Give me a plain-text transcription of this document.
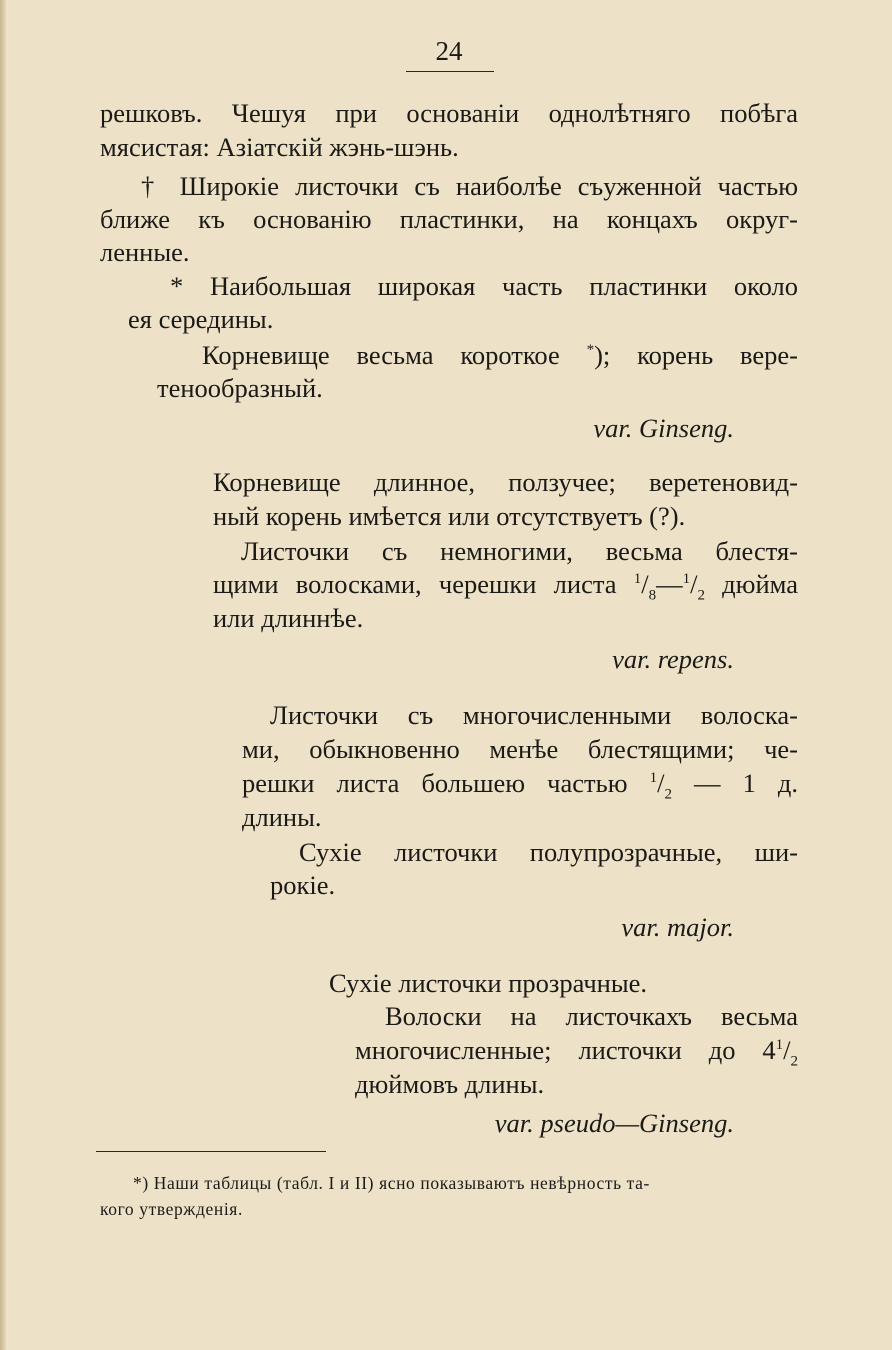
24

решковъ. Чешуя при основанiи однолѣтняго побѣга

мясистая: Азiатскiй жэнь-шэнь.

† Широкiе листочки съ наиболѣе съуженной частью

ближе къ основанiю пластинки, на концахъ округ-

ленные.

* Наибольшая широкая часть пластинки около

ея середины.

Корневище весьма короткое *); корень вере-

тенообразный.

var. Ginseng.

Корневище длинное, ползучее; веретеновид-

ный корень имѣется или отсутствуетъ (?).

Листочки съ немногими, весьма блестя-

щими волосками, черешки листа $^1/_8—^1/_2$ дюйма

или длиннѣе.

var. repens.

Листочки съ многочисленными волоска-

ми, обыкновенно менѣе блестящими; че-

решки листа большею частью $^1/_2$ — 1 д.

длины.

Сухiе листочки полупрозрачные, ши-

рокiе.

var. major.

Сухiе листочки прозрачные.

Волоски на листочкахъ весьма

многочисленные; листочки до $4^1/_2$

дюймовъ длины.

var. pseudo—Ginseng.

*) Наши таблицы (табл. I и II) ясно показываютъ невѣрность та-

кого утвержденiя.
